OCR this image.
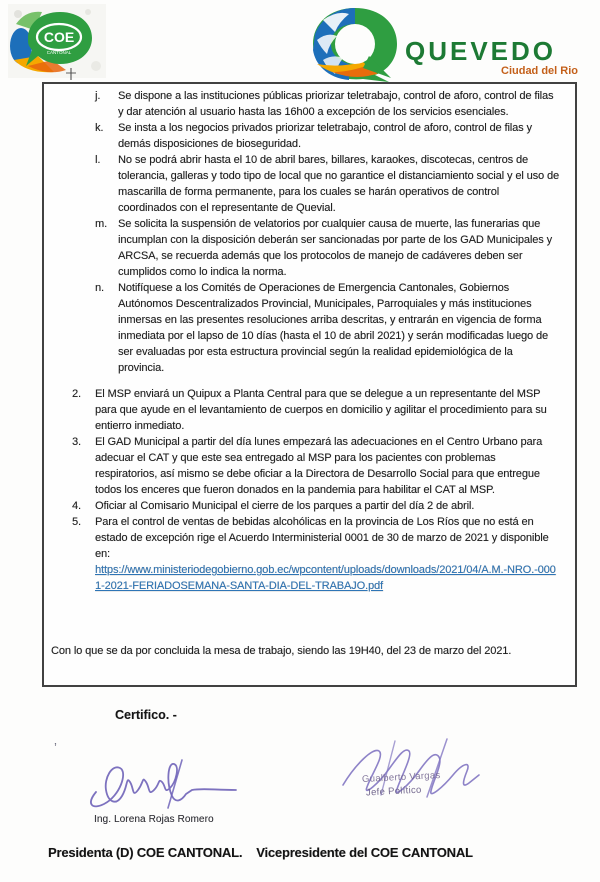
COE
CANTONAL	QUEVEDO
Ciudad del Rio
j. Se dispone a las instituciones públicas priorizar teletrabajo, control de aforo, control de filas y dar atención al usuario hasta las 16h00 a excepción de los servicios esenciales.
k. Se insta a los negocios privados priorizar teletrabajo, control de aforo, control de filas y demás disposiciones de bioseguridad.
l. No se podrá abrir hasta el 10 de abril bares, billares, karaokes, discotecas, centros de tolerancia, galleras y todo tipo de local que no garantice el distanciamiento social y el uso de mascarilla de forma permanente, para los cuales se harán operativos de control coordinados con el representante de Quevial.
m. Se solicita la suspensión de velatorios por cualquier causa de muerte, las funerarias que incumplan con la disposición deberán ser sancionadas por parte de los GAD Municipales y ARCSA, se recuerda además que los protocolos de manejo de cadáveres deben ser cumplidos como lo indica la norma.
n. Notifíquese a los Comités de Operaciones de Emergencia Cantonales, Gobiernos Autónomos Descentralizados Provincial, Municipales, Parroquiales y más instituciones inmersas en las presentes resoluciones arriba descritas, y entrarán en vigencia de forma inmediata por el lapso de 10 días (hasta el 10 de abril 2021) y serán modificadas luego de ser evaluadas por esta estructura provincial según la realidad epidemiológica de la provincia.
2. El MSP enviará un Quipux a Planta Central para que se delegue a un representante del MSP para que ayude en el levantamiento de cuerpos en domicilio y agilitar el procedimiento para su entierro inmediato.
3. El GAD Municipal a partir del día lunes empezará las adecuaciones en el Centro Urbano para adecuar el CAT y que este sea entregado al MSP para los pacientes con problemas respiratorios, así mismo se debe oficiar a la Directora de Desarrollo Social para que entregue todos los enceres que fueron donados en la pandemia para habilitar el CAT al MSP.
4. Oficiar al Comisario Municipal el cierre de los parques a partir del día 2 de abril.
5. Para el control de ventas de bebidas alcohólicas en la provincia de Los Ríos que no está en estado de excepción rige el Acuerdo Interministerial 0001 de 30 de marzo de 2021 y disponible en:
https://www.ministeriodegobierno.gob.ec/wpcontent/uploads/downloads/2021/04/A.M.-NRO.-0001-2021-FERIADOSEMANA-SANTA-DIA-DEL-TRABAJO.pdf

Con lo que se da por concluida la mesa de trabajo, siendo las 19H40, del 23 de marzo del 2021.

Certifico. -
’
Ing. Lorena Rojas Romero
Gualberto Vargas
Jefe Político
Presidenta (D) COE CANTONAL. Vicepresidente del COE CANTONAL
